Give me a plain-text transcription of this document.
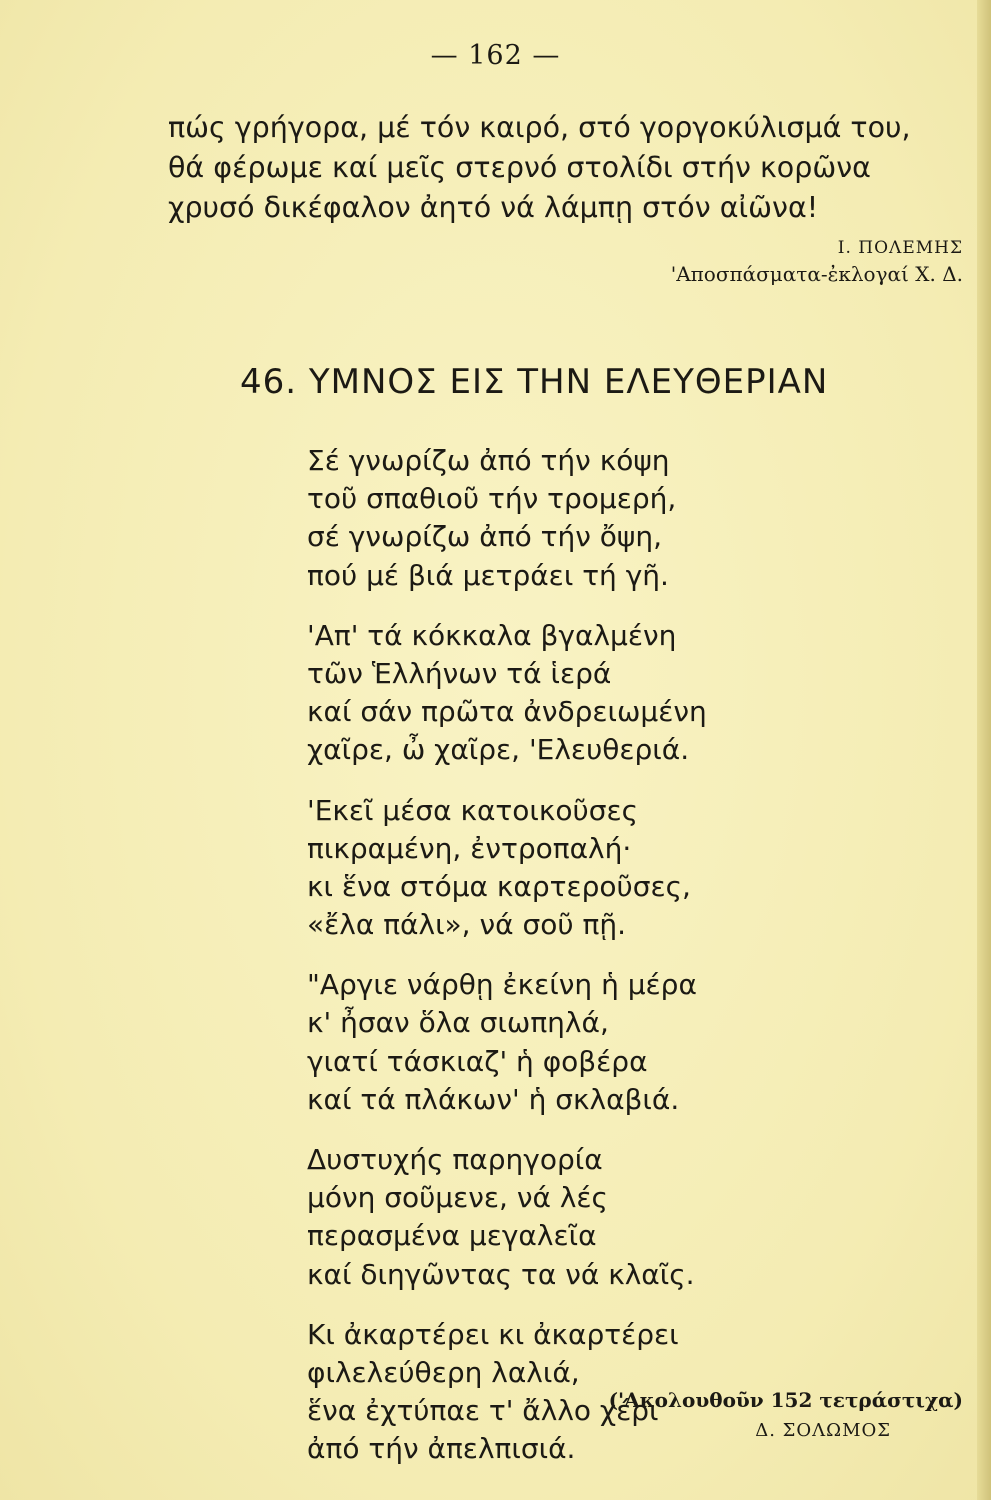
— 162 —
πώς γρήγορα, μέ τόν καιρό, στό γοργοκύλισμά του,
θά φέρωμε καί μεῖς στερνό στολίδι στήν κορῶνα
χρυσό δικέφαλον ἀητό νά λάμπῃ στόν αἰῶνα!
Ι. ΠΟΛΕΜΗΣ
'Αποσπάσματα-ἐκλογαί Χ. Δ.
46. ΥΜΝΟΣ ΕΙΣ ΤΗΝ ΕΛΕΥΘΕΡΙΑΝ
Σέ γνωρίζω ἀπό τήν κόψη
τοῦ σπαθιοῦ τήν τρομερή,
σέ γνωρίζω ἀπό τήν ὄψη,
πού μέ βιά μετράει τή γῆ.
'Απ' τά κόκκαλα βγαλμένη
τῶν Ἑλλήνων τά ἱερά
καί σάν πρῶτα ἀνδρειωμένη
χαῖρε, ὦ χαῖρε, 'Ελευθεριά.
'Εκεῖ μέσα κατοικοῦσες
πικραμένη, ἐντροπαλή·
κι ἕνα στόμα καρτεροῦσες,
«ἔλα πάλι», νά σοῦ πῇ.
"Αργιε νάρθῃ ἐκείνη ἡ μέρα
κ' ἦσαν ὅλα σιωπηλά,
γιατί τάσκιαζ' ἡ φοβέρα
καί τά πλάκων' ἡ σκλαβιά.
Δυστυχής παρηγορία
μόνη σοῦμενε, νά λές
περασμένα μεγαλεῖα
καί διηγῶντας τα νά κλαῖς.
Κι ἀκαρτέρει κι ἀκαρτέρει
φιλελεύθερη λαλιά,
ἕνα ἐχτύπαε τ' ἄλλο χέρι
ἀπό τήν ἀπελπισιά.
('Ακολουθοῦν 152 τετράστιχα)
Δ. ΣΟΛΩΜΟΣ
